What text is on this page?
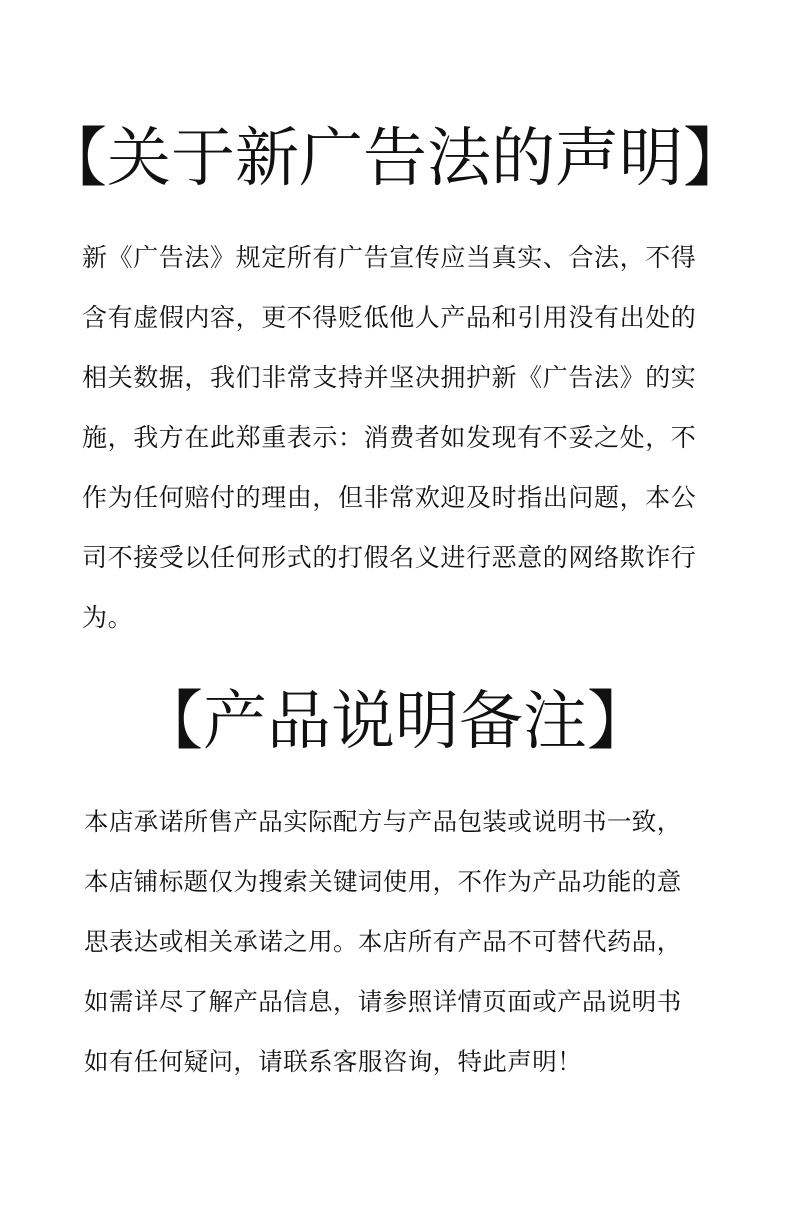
【关于新广告法的声明】
新《广告法》规定所有广告宣传应当真实、合法，不得
含有虚假内容，更不得贬低他人产品和引用没有出处的
相关数据，我们非常支持并坚决拥护新《广告法》的实
施，我方在此郑重表示：消费者如发现有不妥之处，不
作为任何赔付的理由，但非常欢迎及时指出问题，本公
司不接受以任何形式的打假名义进行恶意的网络欺诈行
为。
【产品说明备注】
本店承诺所售产品实际配方与产品包装或说明书一致，
本店铺标题仅为搜索关键词使用，不作为产品功能的意
思表达或相关承诺之用。本店所有产品不可替代药品，
如需详尽了解产品信息，请参照详情页面或产品说明书
如有任何疑问，请联系客服咨询，特此声明！
